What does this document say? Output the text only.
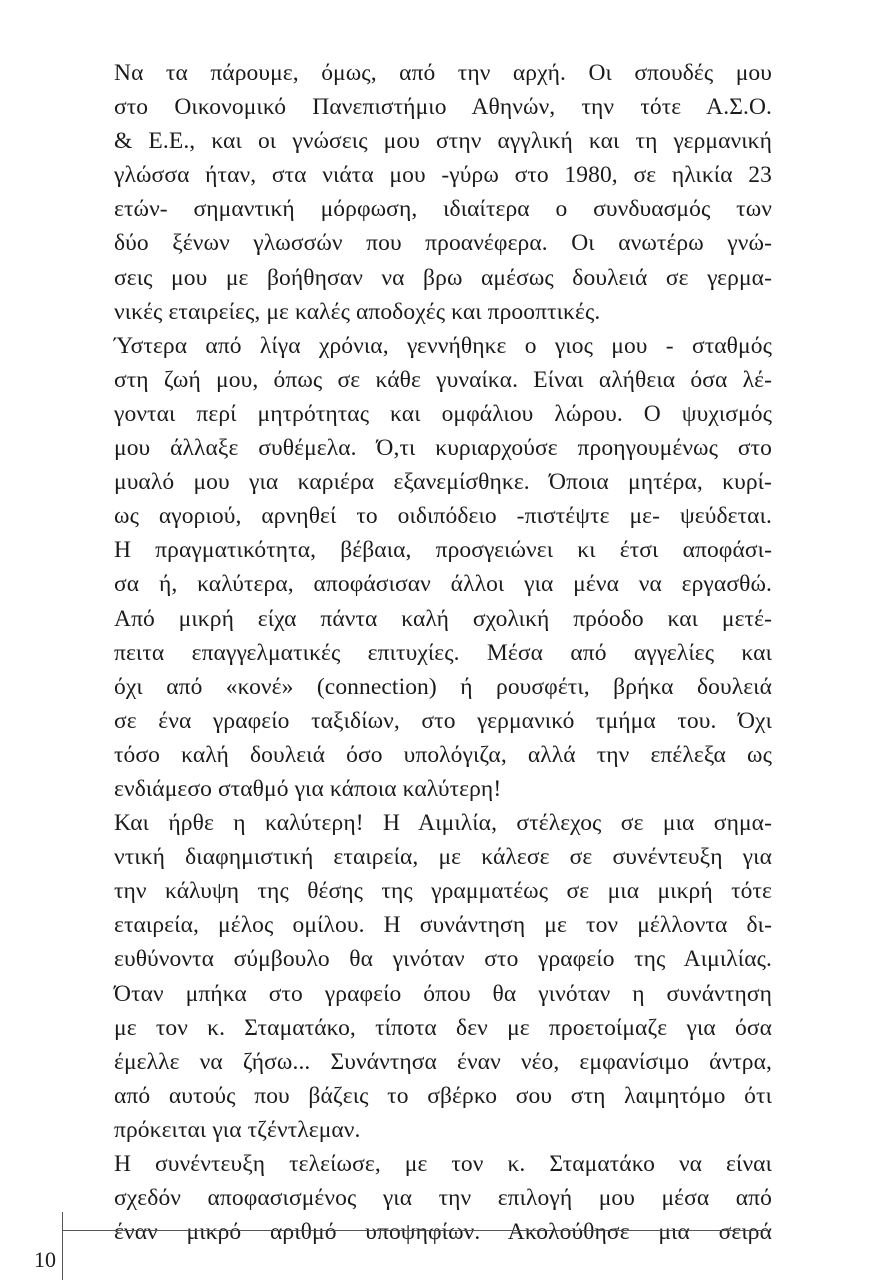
Να τα πάρουμε, όμως, από την αρχή. Οι σπουδές μου
στο Οικονομικό Πανεπιστήμιο Αθηνών, την τότε Α.Σ.Ο.
& Ε.Ε., και οι γνώσεις μου στην αγγλική και τη γερμανική
γλώσσα ήταν, στα νιάτα μου -γύρω στο 1980, σε ηλικία 23
ετών- σημαντική μόρφωση, ιδιαίτερα ο συνδυασμός των
δύο ξένων γλωσσών που προανέφερα. Οι ανωτέρω γνώ-
σεις μου με βοήθησαν να βρω αμέσως δουλειά σε γερμα-
νικές εταιρείες, με καλές αποδοχές και προοπτικές.
Ύστερα από λίγα χρόνια, γεννήθηκε ο γιος μου - σταθμός
στη ζωή μου, όπως σε κάθε γυναίκα. Είναι αλήθεια όσα λέ-
γονται περί μητρότητας και ομφάλιου λώρου. Ο ψυχισμός
μου άλλαξε συθέμελα. Ό,τι κυριαρχούσε προηγουμένως στο
μυαλό μου για καριέρα εξανεμίσθηκε. Όποια μητέρα, κυρί-
ως αγοριού, αρνηθεί το οιδιπόδειο -πιστέψτε με- ψεύδεται.
Η πραγματικότητα, βέβαια, προσγειώνει κι έτσι αποφάσι-
σα ή, καλύτερα, αποφάσισαν άλλοι για μένα να εργασθώ.
Από μικρή είχα πάντα καλή σχολική πρόοδο και μετέ-
πειτα επαγγελματικές επιτυχίες. Μέσα από αγγελίες και
όχι από «κονέ» (connection) ή ρουσφέτι, βρήκα δουλειά
σε ένα γραφείο ταξιδίων, στο γερμανικό τμήμα του. Όχι
τόσο καλή δουλειά όσο υπολόγιζα, αλλά την επέλεξα ως
ενδιάμεσο σταθμό για κάποια καλύτερη!
Και ήρθε η καλύτερη! Η Αιμιλία, στέλεχος σε μια σημα-
ντική διαφημιστική εταιρεία, με κάλεσε σε συνέντευξη για
την κάλυψη της θέσης της γραμματέως σε μια μικρή τότε
εταιρεία, μέλος ομίλου. Η συνάντηση με τον μέλλοντα δι-
ευθύνοντα σύμβουλο θα γινόταν στο γραφείο της Αιμιλίας.
Όταν μπήκα στο γραφείο όπου θα γινόταν η συνάντηση
με τον κ. Σταματάκο, τίποτα δεν με προετοίμαζε για όσα
έμελλε να ζήσω... Συνάντησα έναν νέο, εμφανίσιμο άντρα,
από αυτούς που βάζεις το σβέρκο σου στη λαιμητόμο ότι
πρόκειται για τζέντλεμαν.
Η συνέντευξη τελείωσε, με τον κ. Σταματάκο να είναι
σχεδόν αποφασισμένος για την επιλογή μου μέσα από
έναν μικρό αριθμό υποψηφίων. Ακολούθησε μια σειρά
10
